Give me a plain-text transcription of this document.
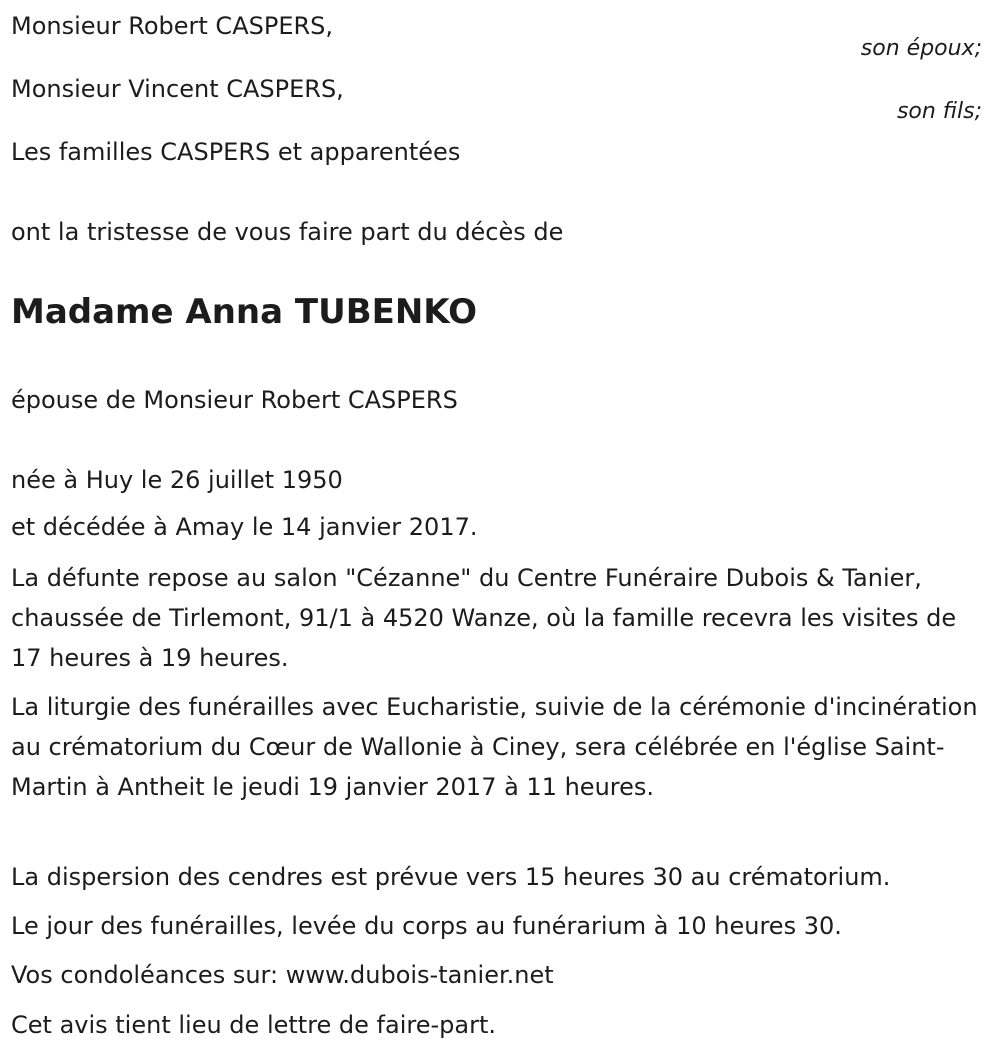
Monsieur Robert CASPERS,
son époux;
Monsieur Vincent CASPERS,
son fils;
Les familles CASPERS et apparentées
ont la tristesse de vous faire part du décès de
Madame Anna TUBENKO
épouse de Monsieur Robert CASPERS
née à Huy le 26 juillet 1950
et décédée à Amay le 14 janvier 2017.

La défunte repose au salon "Cézanne" du Centre Funéraire Dubois & Tanier, chaussée de Tirlemont, 91/1 à 4520 Wanze, où la famille recevra les visites de 17 heures à 19 heures.

La liturgie des funérailles avec Eucharistie, suivie de la cérémonie d'incinération au crématorium du Cœur de Wallonie à Ciney, sera célébrée en l'église Saint-Martin à Antheit le jeudi 19 janvier 2017 à 11 heures.

La dispersion des cendres est prévue vers 15 heures 30 au crématorium.

Le jour des funérailles, levée du corps au funérarium à 10 heures 30.

Vos condoléances sur: www.dubois-tanier.net

Cet avis tient lieu de lettre de faire-part.
